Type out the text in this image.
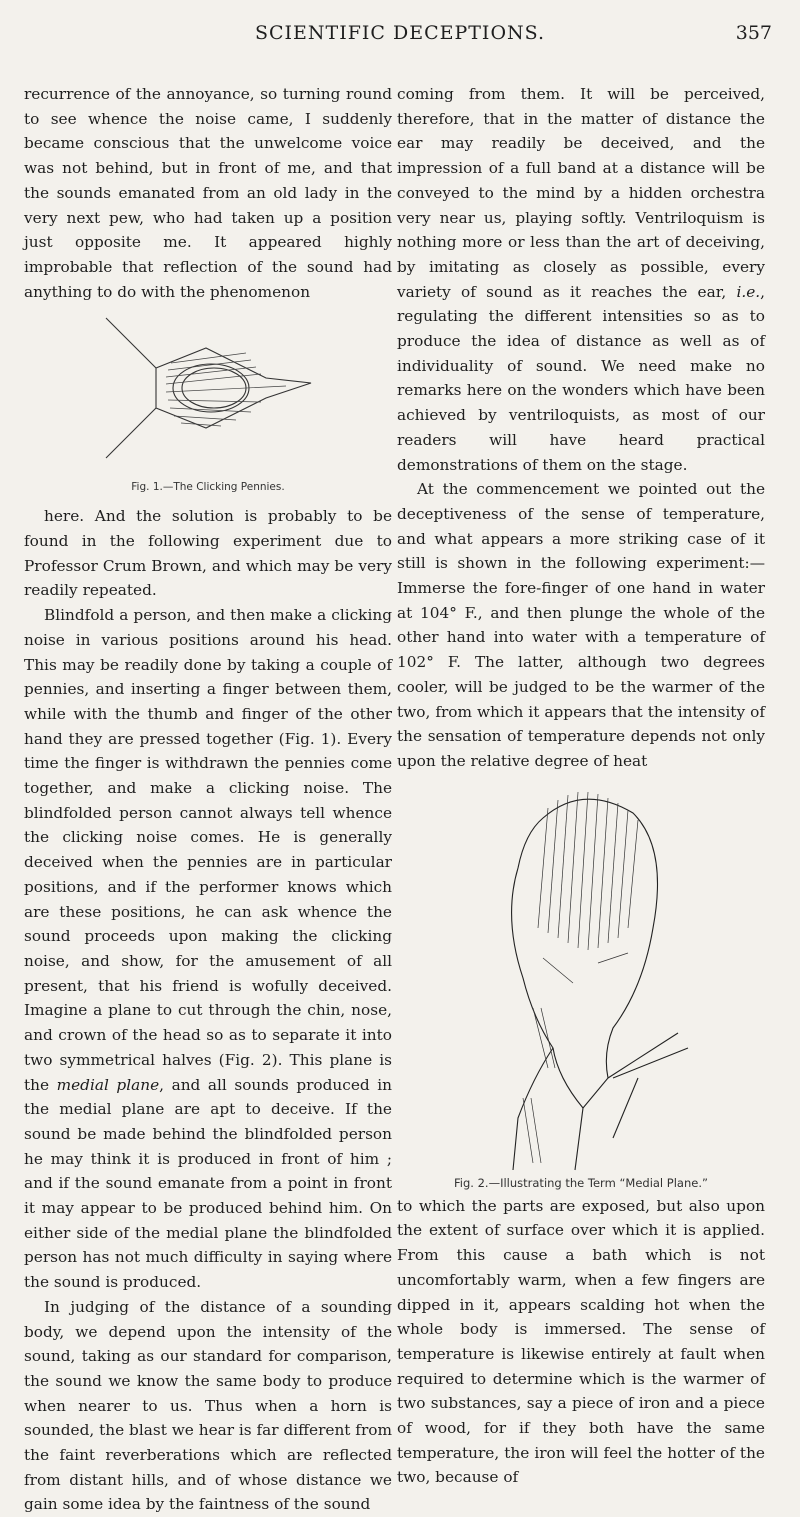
SCIENTIFIC DECEPTIONS.	357

recurrence of the annoyance, so turning round to see whence the noise came, I suddenly became conscious that the unwelcome voice was not behind, but in front of me, and that the sounds emanated from an old lady in the very next pew, who had taken up a position just opposite me. It appeared highly improbable that reflection of the sound had anything to do with the phenomenon

Fig. 1.—The Clicking Pennies.

here. And the solution is probably to be found in the following experiment due to Professor Crum Brown, and which may be very readily repeated.

Blindfold a person, and then make a clicking noise in various positions around his head. This may be readily done by taking a couple of pennies, and inserting a finger between them, while with the thumb and finger of the other hand they are pressed together (Fig. 1). Every time the finger is withdrawn the pennies come together, and make a clicking noise. The blindfolded person cannot always tell whence the clicking noise comes. He is generally deceived when the pennies are in particular positions, and if the performer knows which are these positions, he can ask whence the sound proceeds upon making the clicking noise, and show, for the amusement of all present, that his friend is wofully deceived. Imagine a plane to cut through the chin, nose, and crown of the head so as to separate it into two symmetrical halves (Fig. 2). This plane is the medial plane, and all sounds produced in the medial plane are apt to deceive. If the sound be made behind the blindfolded person he may think it is produced in front of him ; and if the sound emanate from a point in front it may appear to be produced behind him. On either side of the medial plane the blindfolded person has not much difficulty in saying where the sound is produced.

In judging of the distance of a sounding body, we depend upon the intensity of the sound, taking as our standard for comparison, the sound we know the same body to produce when nearer to us. Thus when a horn is sounded, the blast we hear is far different from the faint reverberations which are reflected from distant hills, and of whose distance we gain some idea by the faintness of the sound

coming from them. It will be perceived, therefore, that in the matter of distance the ear may readily be deceived, and the impression of a full band at a distance will be conveyed to the mind by a hidden orchestra very near us, playing softly. Ventriloquism is nothing more or less than the art of deceiving, by imitating as closely as possible, every variety of sound as it reaches the ear, i.e., regulating the different intensities so as to produce the idea of distance as well as of individuality of sound. We need make no remarks here on the wonders which have been achieved by ventriloquists, as most of our readers will have heard practical demonstrations of them on the stage.

At the commencement we pointed out the deceptiveness of the sense of temperature, and what appears a more striking case of it still is shown in the following experiment:—Immerse the fore-finger of one hand in water at 104° F., and then plunge the whole of the other hand into water with a temperature of 102° F. The latter, although two degrees cooler, will be judged to be the warmer of the two, from which it appears that the intensity of the sensation of temperature depends not only upon the relative degree of heat

Fig. 2.—Illustrating the Term “Medial Plane.”

to which the parts are exposed, but also upon the extent of surface over which it is applied. From this cause a bath which is not uncomfortably warm, when a few fingers are dipped in it, appears scalding hot when the whole body is immersed. The sense of temperature is likewise entirely at fault when required to determine which is the warmer of two substances, say a piece of iron and a piece of wood, for if they both have the same temperature, the iron will feel the hotter of the two, because of
